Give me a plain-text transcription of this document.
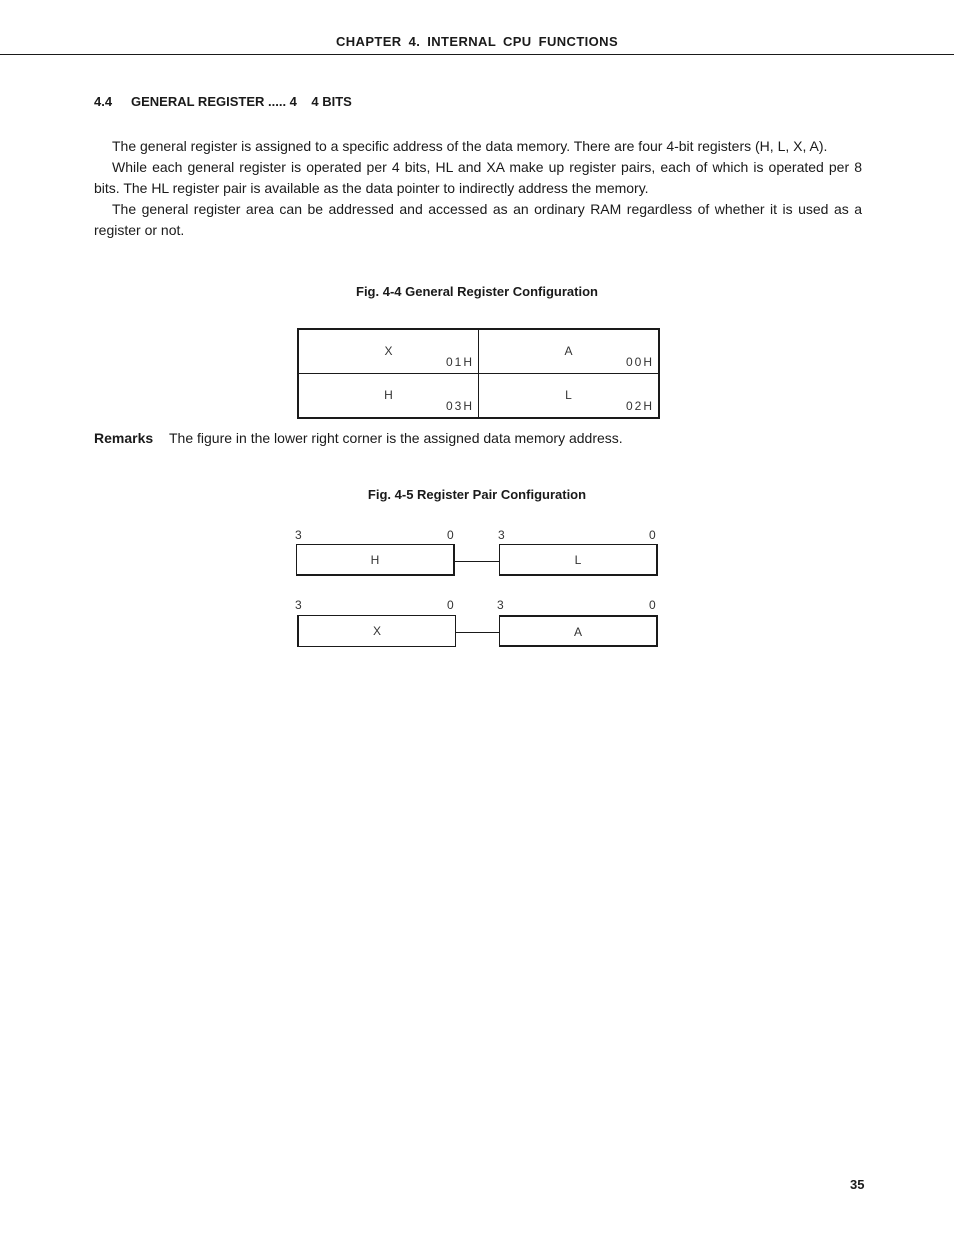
CHAPTER 4. INTERNAL CPU FUNCTIONS
4.4 GENERAL REGISTER ..... 4    4 BITS

The general register is assigned to a specific address of the data memory. There are four 4-bit registers (H, L, X, A).

While each general register is operated per 4 bits, HL and XA make up register pairs, each of which is operated per 8 bits. The HL register pair is available as the data pointer to indirectly address the memory.

The general register area can be addressed and accessed as an ordinary RAM regardless of whether it is used as a register or not.

Fig. 4-4 General Register Configuration
X
01H	A
00H

H
03H	L
02H
Remarks The figure in the lower right corner is the assigned data memory address.
Fig. 4-5 Register Pair Configuration
3	0	3	0
H	L
3	0	3	0
X	A
35
